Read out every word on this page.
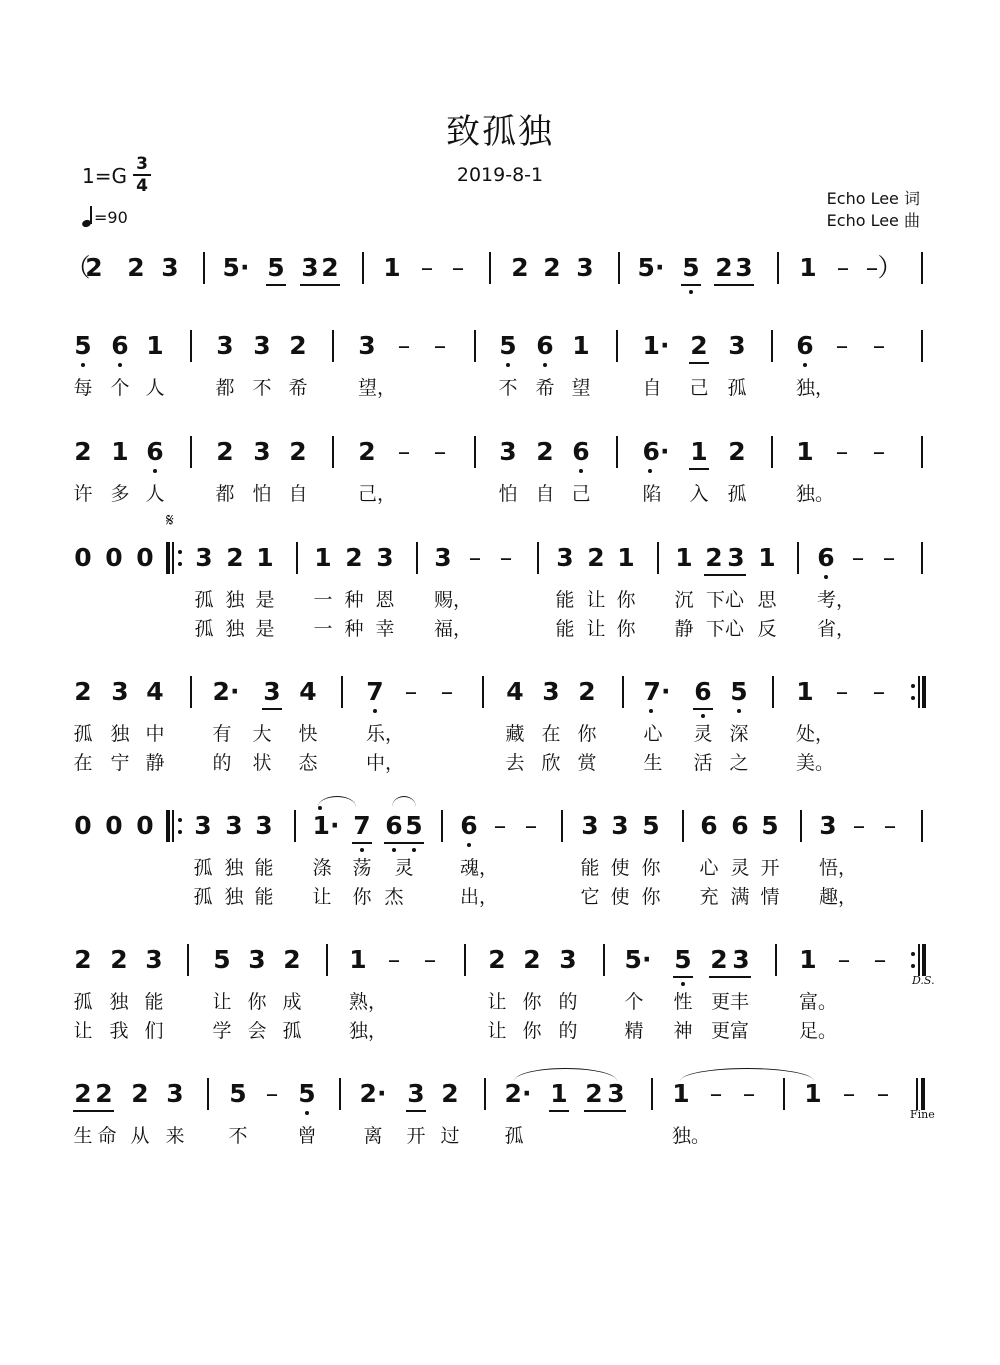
致孤独
2019-8-1
1=G 3
4
=90
Echo Lee 词
Echo Lee 曲
（
2 2 3 5· 5 3 2 1 – – 2 2 3 5· 5 2 3 1 – – ）
5 6 1 3 3 2 3 – – 5 6 1 1· 2 3 6 – –
每 个 人	都 不 希	望，	不 希 望	自 己 孤	独，
2 1 6 2 3 2 2 – – 3 2 6 6· 1 2 1 – –
许 多 人	都 怕 自	己，	怕 自 己	陷 入 孤	独。
0 0 0 3 2 1 1 2 3 3 – – 3 2 1 1 2 3 1 6 – –
𝄋
孤 独 是 一 种 恩 赐，	能 让 你 沉 下心 思 考，
孤 独 是 一 种 幸 福，	能 让 你 静 下心 反 省，
2 3 4 2· 3 4 7 – – 4 3 2 7· 6 5 1 – –
孤 独 中	有 大 快	乐，	藏 在 你 心 灵 深 处，
在 宁 静	的 状 态	中，	去 欣 赏 生 活 之 美。
0 0 0 3 3 3 1· 7 6 5 6 – – 3 3 5 6 6 5 3 – –
孤 独 能 涤 荡 灵 魂，	能 使 你 心 灵 开 悟，
孤 独 能 让 你 杰	出，	它 使 你 充 满 情 趣，
2 2 3 5 3 2 1 – – 2 2 3 5· 5 2 3 1 – –
D.S.
孤 独 能	让 你 成 熟，	让 你 的 个 性 更丰	富。
让 我 们	学 会 孤 独，	让 你 的 精 神 更富	足。
2 2 2 3 5 – 5 2· 3 2 2· 1 2 3 1 – – 1 – –
Fine
生 命 从 来 不	曾 离 开 过 孤	独。
